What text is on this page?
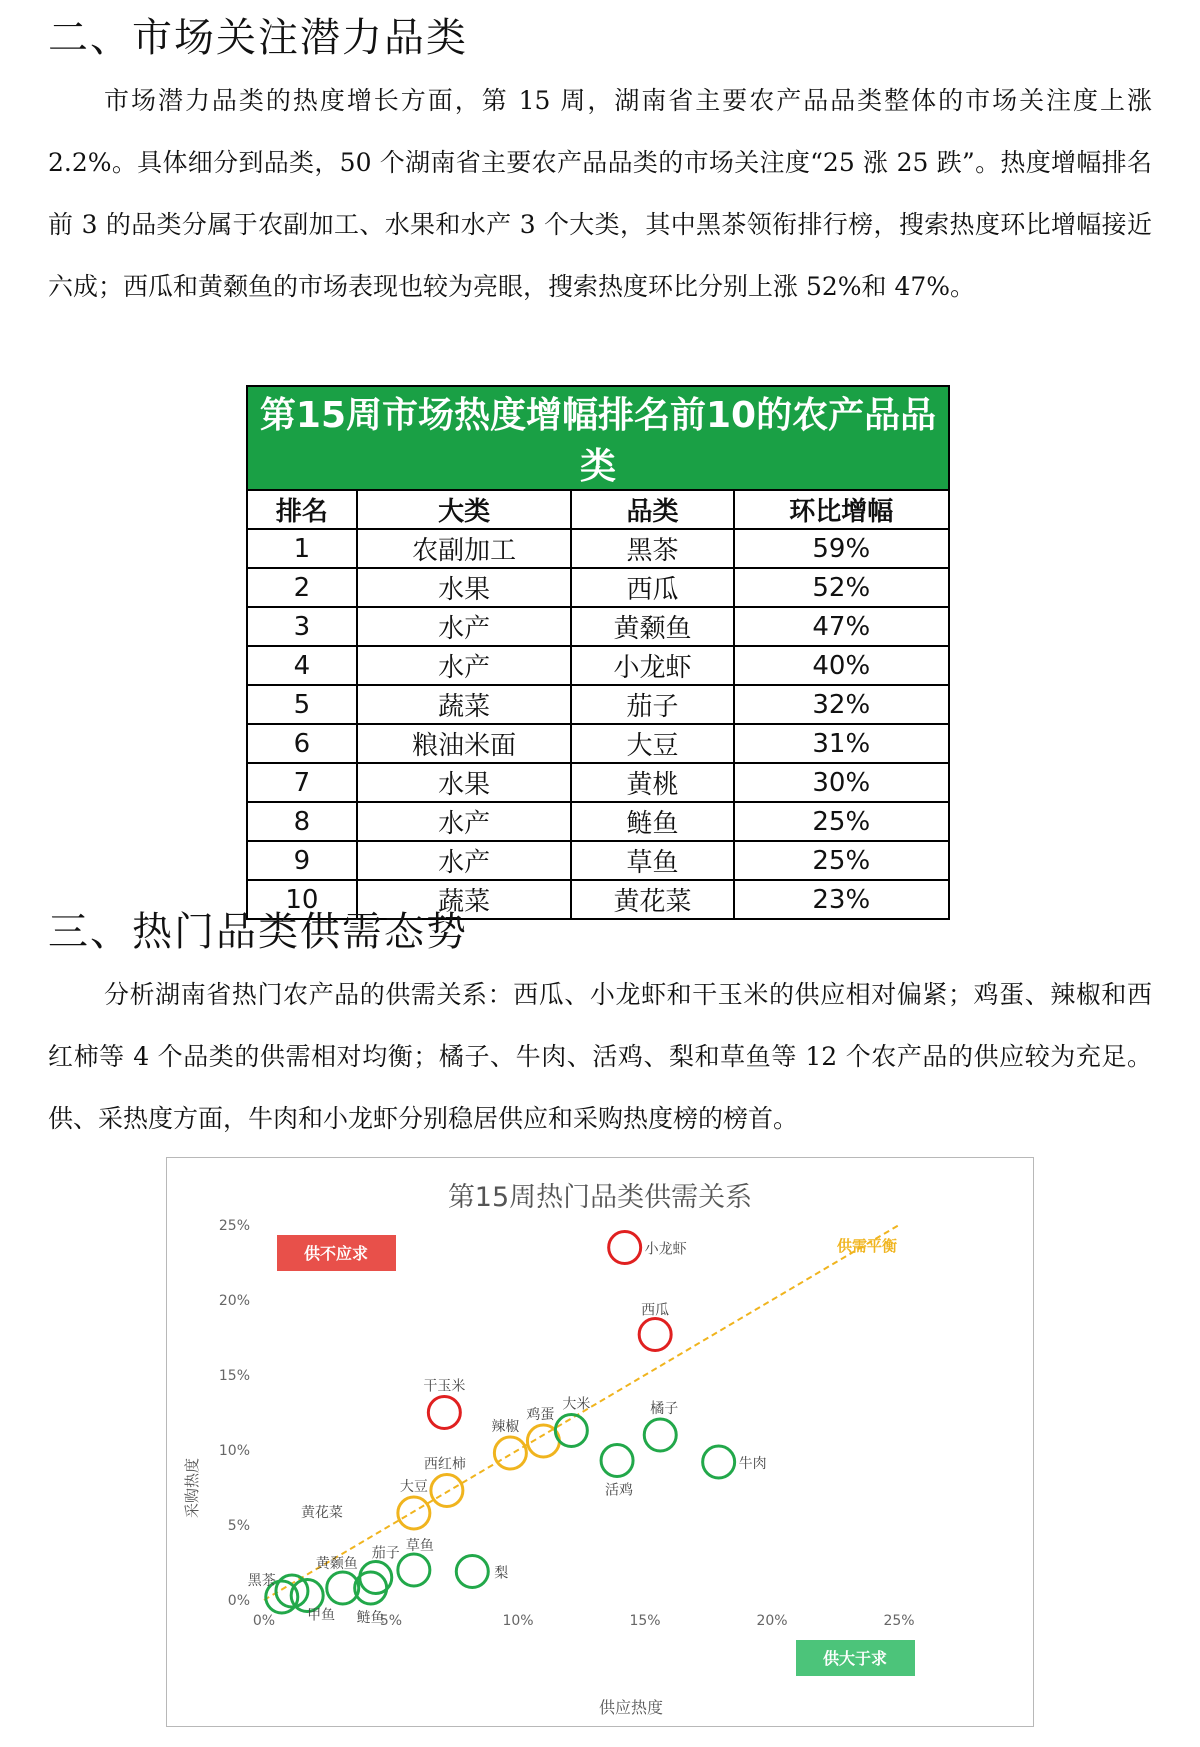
二、市场关注潜力品类

市场潜力品类的热度增长方面，第 15 周，湖南省主要农产品品类整体的市场关注度上涨 2.2%。具体细分到品类，50 个湖南省主要农产品品类的市场关注度“25 涨 25 跌”。热度增幅排名前 3 的品类分属于农副加工、水果和水产 3 个大类，其中黑茶领衔排行榜，搜索热度环比增幅接近六成；西瓜和黄颡鱼的市场表现也较为亮眼，搜索热度环比分别上涨 52%和 47%。

第15周市场热度增幅排名前10的农产品品类			
排名	大类	品类	环比增幅
1	农副加工	黑茶	59%
2	水果	西瓜	52%
3	水产	黄颡鱼	47%
4	水产	小龙虾	40%
5	蔬菜	茄子	32%
6	粮油米面	大豆	31%
7	水果	黄桃	30%
8	水产	鲢鱼	25%
9	水产	草鱼	25%
10	蔬菜	黄花菜	23%
三、热门品类供需态势

分析湖南省热门农产品的供需关系：西瓜、小龙虾和干玉米的供应相对偏紧；鸡蛋、辣椒和西红柿等 4 个品类的供需相对均衡；橘子、牛肉、活鸡、梨和草鱼等 12 个农产品的供应较为充足。供、采热度方面，牛肉和小龙虾分别稳居供应和采购热度榜的榜首。

第15周热门品类供需关系
采购热度
供应热度
供不应求
供大于求
供需平衡
0%	5%	10%	15%	20%	25%
0%
5%
10%
15%
20%
25%
小龙虾
西瓜
干玉米
鸡蛋
辣椒
西红柿
大豆
大米	橘子
牛肉
活鸡
梨
草鱼
茄子
黄颡鱼
鲢鱼
甲鱼
黑茶
黄花菜
